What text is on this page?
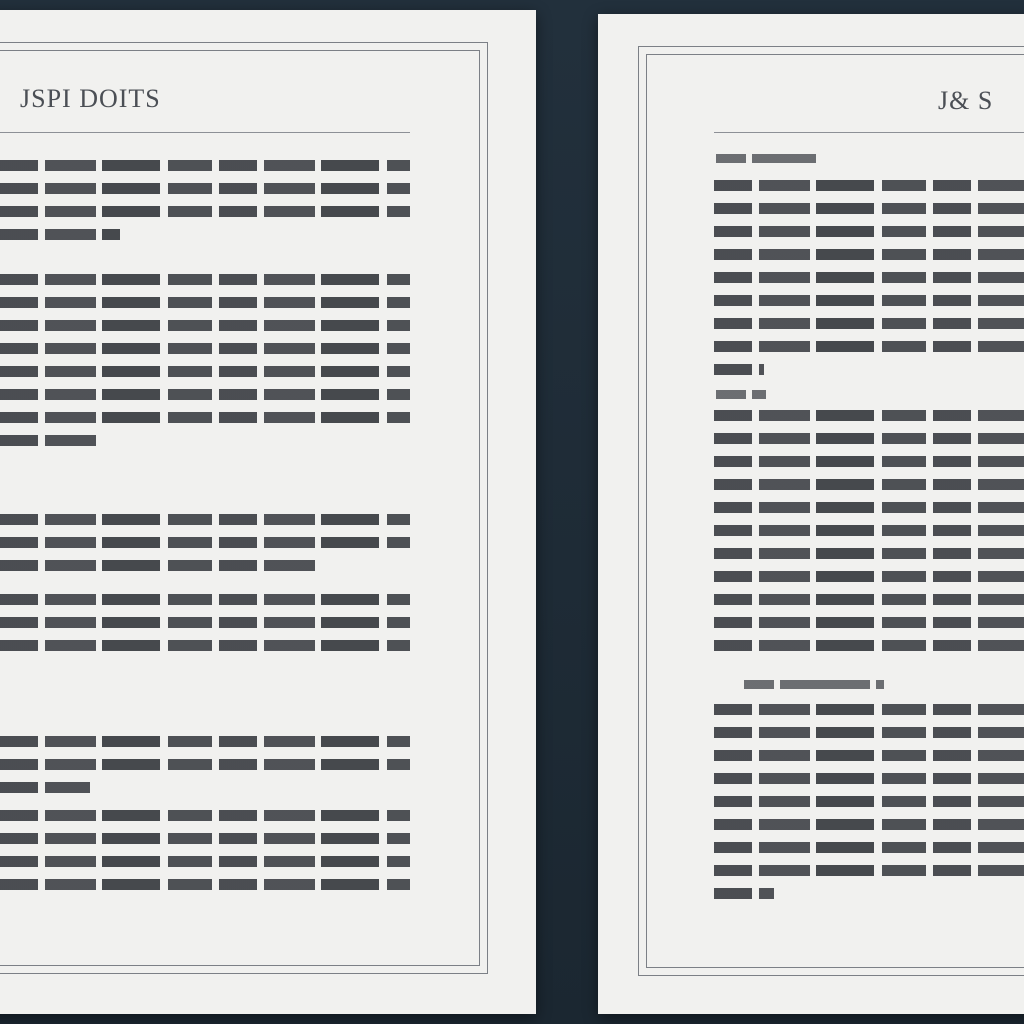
JSPI DOITS	J& S
